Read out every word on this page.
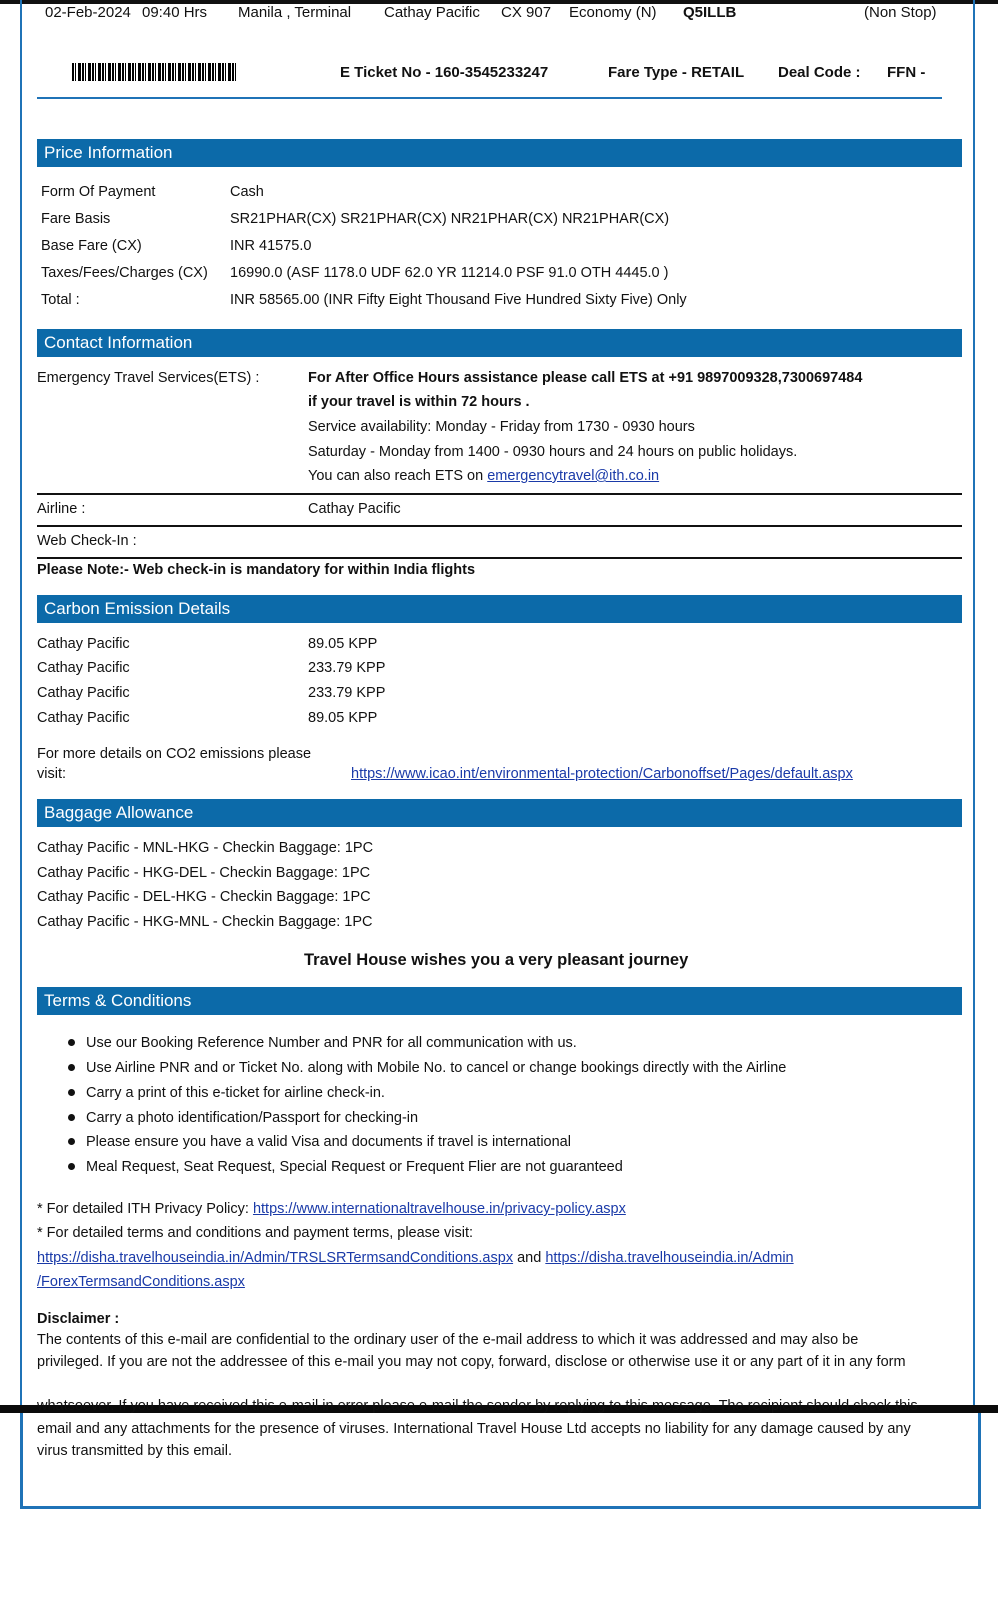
02-Feb-2024 09:40 Hrs Manila , Terminal Cathay Pacific CX 907 Economy (N) Q5ILLB	(Non Stop)
E Ticket No - 160-3545233247	Fare Type - RETAIL Deal Code : FFN -
Price Information
Form Of Payment	Cash
Fare Basis	SR21PHAR(CX) SR21PHAR(CX) NR21PHAR(CX) NR21PHAR(CX)
Base Fare (CX)	INR 41575.0
Taxes/Fees/Charges (CX) 16990.0 (ASF 1178.0 UDF 62.0 YR 11214.0 PSF 91.0 OTH 4445.0 )
Total :	INR 58565.00 (INR Fifty Eight Thousand Five Hundred Sixty Five) Only
Contact Information
Emergency Travel Services(ETS) :	For After Office Hours assistance please call ETS at +91 9897009328,7300697484
if your travel is within 72 hours .
Service availability: Monday - Friday from 1730 - 0930 hours
Saturday - Monday from 1400 - 0930 hours and 24 hours on public holidays.
You can also reach ETS on emergencytravel@ith.co.in
Airline :	Cathay Pacific
Web Check-In :
Please Note:- Web check-in is mandatory for within India flights
Carbon Emission Details
Cathay Pacific	89.05 KPP
Cathay Pacific	233.79 KPP
Cathay Pacific	233.79 KPP
Cathay Pacific	89.05 KPP
For more details on CO2 emissions please
visit:	https://www.icao.int/environmental-protection/Carbonoffset/Pages/default.aspx
Baggage Allowance
Cathay Pacific - MNL-HKG - Checkin Baggage: 1PC
Cathay Pacific - HKG-DEL - Checkin Baggage: 1PC
Cathay Pacific - DEL-HKG - Checkin Baggage: 1PC
Cathay Pacific - HKG-MNL - Checkin Baggage: 1PC
Travel House wishes you a very pleasant journey
Terms & Conditions
Use our Booking Reference Number and PNR for all communication with us.
Use Airline PNR and or Ticket No. along with Mobile No. to cancel or change bookings directly with the Airline
Carry a print of this e-ticket for airline check-in.
Carry a photo identification/Passport for checking-in
Please ensure you have a valid Visa and documents if travel is international
Meal Request, Seat Request, Special Request or Frequent Flier are not guaranteed
* For detailed ITH Privacy Policy: https://www.internationaltravelhouse.in/privacy-policy.aspx
* For detailed terms and conditions and payment terms, please visit:
https://disha.travelhouseindia.in/Admin/TRSLSRTermsandConditions.aspx and https://disha.travelhouseindia.in/Admin
/ForexTermsandConditions.aspx
Disclaimer :
The contents of this e-mail are confidential to the ordinary user of the e-mail address to which it was addressed and may also be
privileged. If you are not the addressee of this e-mail you may not copy, forward, disclose or otherwise use it or any part of it in any form
whatsoever. If you have received this e-mail in error please e-mail the sender by replying to this message. The recipient should check this
email and any attachments for the presence of viruses. International Travel House Ltd accepts no liability for any damage caused by any
virus transmitted by this email.
